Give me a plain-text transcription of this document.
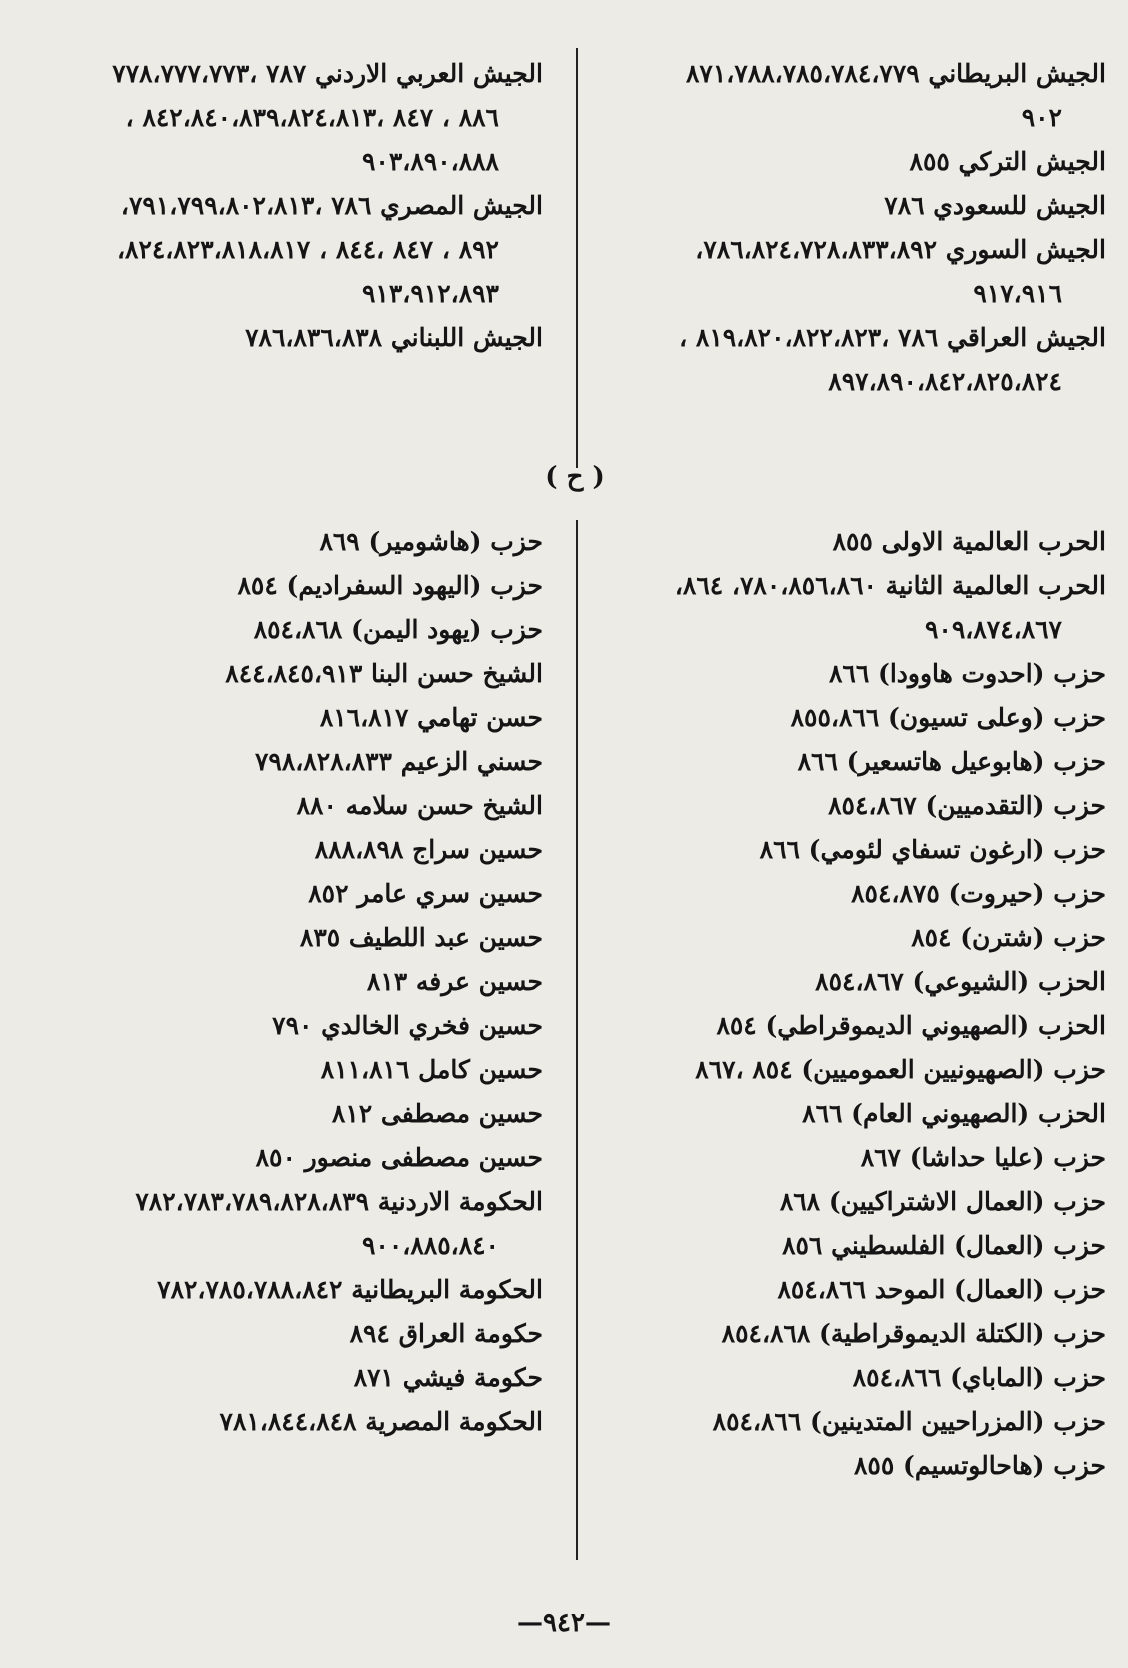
الجيش البريطاني ٨٧١،٧٨٨،٧٨٥،٧٨٤،٧٧٩
٩٠٢
الجيش التركي ٨٥٥
الجيش للسعودي ٧٨٦
الجيش السوري ٧٨٦،٨٢٤،٧٢٨،٨٣٣،٨٩٢،
٩١٧،٩١٦
الجيش العراقي ٧٨٦ ،٨١٩،٨٢٠،٨٢٢،٨٢٣ ،
٨٩٧،٨٩٠،٨٤٢،٨٢٥،٨٢٤
الجيش العربي الاردني ٧٨٧ ،٧٧٨،٧٧٧،٧٧٣
٨٨٦ ، ٨٤٧ ،٨٤٢،٨٤٠،٨٣٩،٨٢٤،٨١٣ ،
٩٠٣،٨٩٠،٨٨٨
الجيش المصري ٧٨٦ ،٧٩١،٧٩٩،٨٠٢،٨١٣،
٨٩٢ ، ٨٤٧ ،٨٤٤ ، ٨٢٤،٨٢٣،٨١٨،٨١٧،
٩١٣،٩١٢،٨٩٣
الجيش اللبناني ٧٨٦،٨٣٦،٨٣٨
( ح )
الحرب العالمية الاولى ٨٥٥
الحرب العالمية الثانية ٧٨٠،٨٥٦،٨٦٠، ٨٦٤،
٩٠٩،٨٧٤،٨٦٧
حزب (احدوت هاوودا) ٨٦٦
حزب (وعلى تسيون) ٨٥٥،٨٦٦
حزب (هابوعيل هاتسعير) ٨٦٦
حزب (التقدميين) ٨٥٤،٨٦٧
حزب (ارغون تسفاي لئومي) ٨٦٦
حزب (حيروت) ٨٥٤،٨٧٥
حزب (شترن) ٨٥٤
الحزب (الشيوعي) ٨٥٤،٨٦٧
الحزب (الصهيوني الديموقراطي) ٨٥٤
حزب (الصهيونيين العموميين) ٨٥٤ ،٨٦٧
الحزب (الصهيوني العام) ٨٦٦
حزب (عليا حداشا) ٨٦٧
حزب (العمال الاشتراكيين) ٨٦٨
حزب (العمال) الفلسطيني ٨٥٦
حزب (العمال) الموحد ٨٥٤،٨٦٦
حزب (الكتلة الديموقراطية) ٨٥٤،٨٦٨
حزب (الماباي) ٨٥٤،٨٦٦
حزب (المزراحيين المتدينين) ٨٥٤،٨٦٦
حزب (هاحالوتسيم) ٨٥٥
حزب (هاشومير) ٨٦٩
حزب (اليهود السفراديم) ٨٥٤
حزب (يهود اليمن) ٨٥٤،٨٦٨
الشيخ حسن البنا ٨٤٤،٨٤٥،٩١٣
حسن تهامي ٨١٦،٨١٧
حسني الزعيم ٧٩٨،٨٢٨،٨٣٣
الشيخ حسن سلامه ٨٨٠
حسين سراج ٨٨٨،٨٩٨
حسين سري عامر ٨٥٢
حسين عبد اللطيف ٨٣٥
حسين عرفه ٨١٣
حسين فخري الخالدي ٧٩٠
حسين كامل ٨١١،٨١٦
حسين مصطفى ٨١٢
حسين مصطفى منصور ٨٥٠
الحكومة الاردنية ٧٨٢،٧٨٣،٧٨٩،٨٢٨،٨٣٩
٩٠٠،٨٨٥،٨٤٠
الحكومة البريطانية ٧٨٢،٧٨٥،٧٨٨،٨٤٢
حكومة العراق ٨٩٤
حكومة فيشي ٨٧١
الحكومة المصرية ٧٨١،٨٤٤،٨٤٨
—٩٤٢—
